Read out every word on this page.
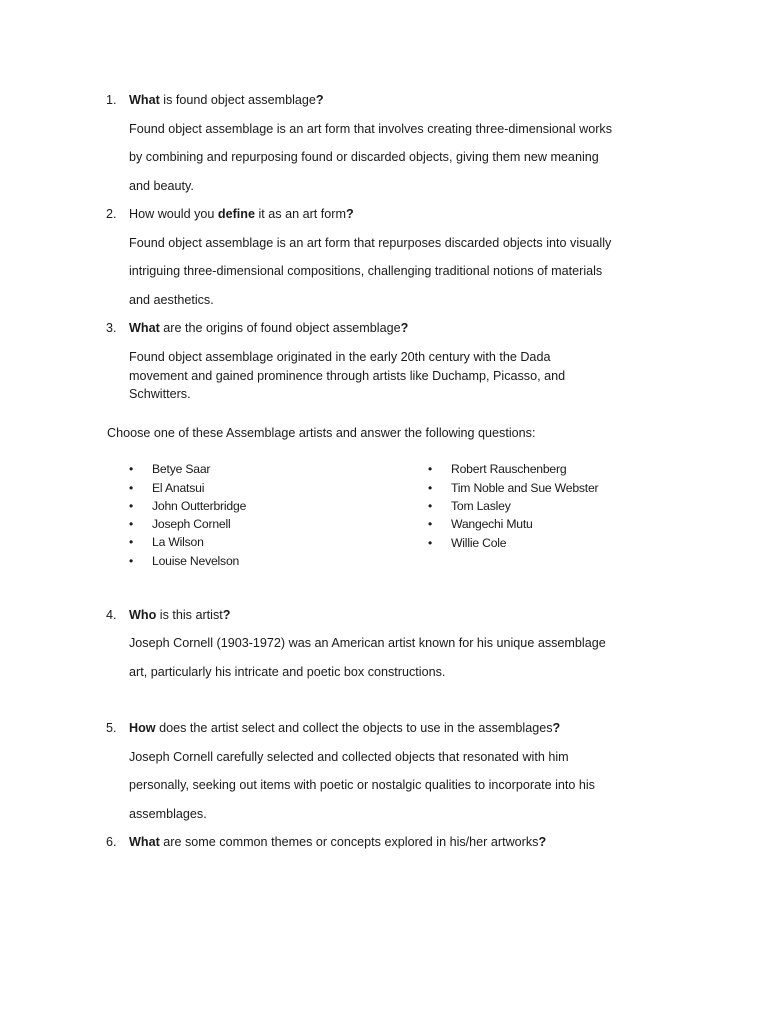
1. What is found object assemblage?
Found object assemblage is an art form that involves creating three-dimensional works
by combining and repurposing found or discarded objects, giving them new meaning
and beauty.
2. How would you define it as an art form?
Found object assemblage is an art form that repurposes discarded objects into visually
intriguing three-dimensional compositions, challenging traditional notions of materials
and aesthetics.
3. What are the origins of found object assemblage?
Found object assemblage originated in the early 20th century with the Dada
movement and gained prominence through artists like Duchamp, Picasso, and
Schwitters.
Choose one of these Assemblage artists and answer the following questions:
• Betye Saar
• El Anatsui
• John Outterbridge
• Joseph Cornell
• La Wilson
• Louise Nevelson
• Robert Rauschenberg
• Tim Noble and Sue Webster
• Tom Lasley
• Wangechi Mutu
• Willie Cole
4. Who is this artist?
Joseph Cornell (1903-1972) was an American artist known for his unique assemblage
art, particularly his intricate and poetic box constructions.
5. How does the artist select and collect the objects to use in the assemblages?
Joseph Cornell carefully selected and collected objects that resonated with him
personally, seeking out items with poetic or nostalgic qualities to incorporate into his
assemblages.
6. What are some common themes or concepts explored in his/her artworks?
